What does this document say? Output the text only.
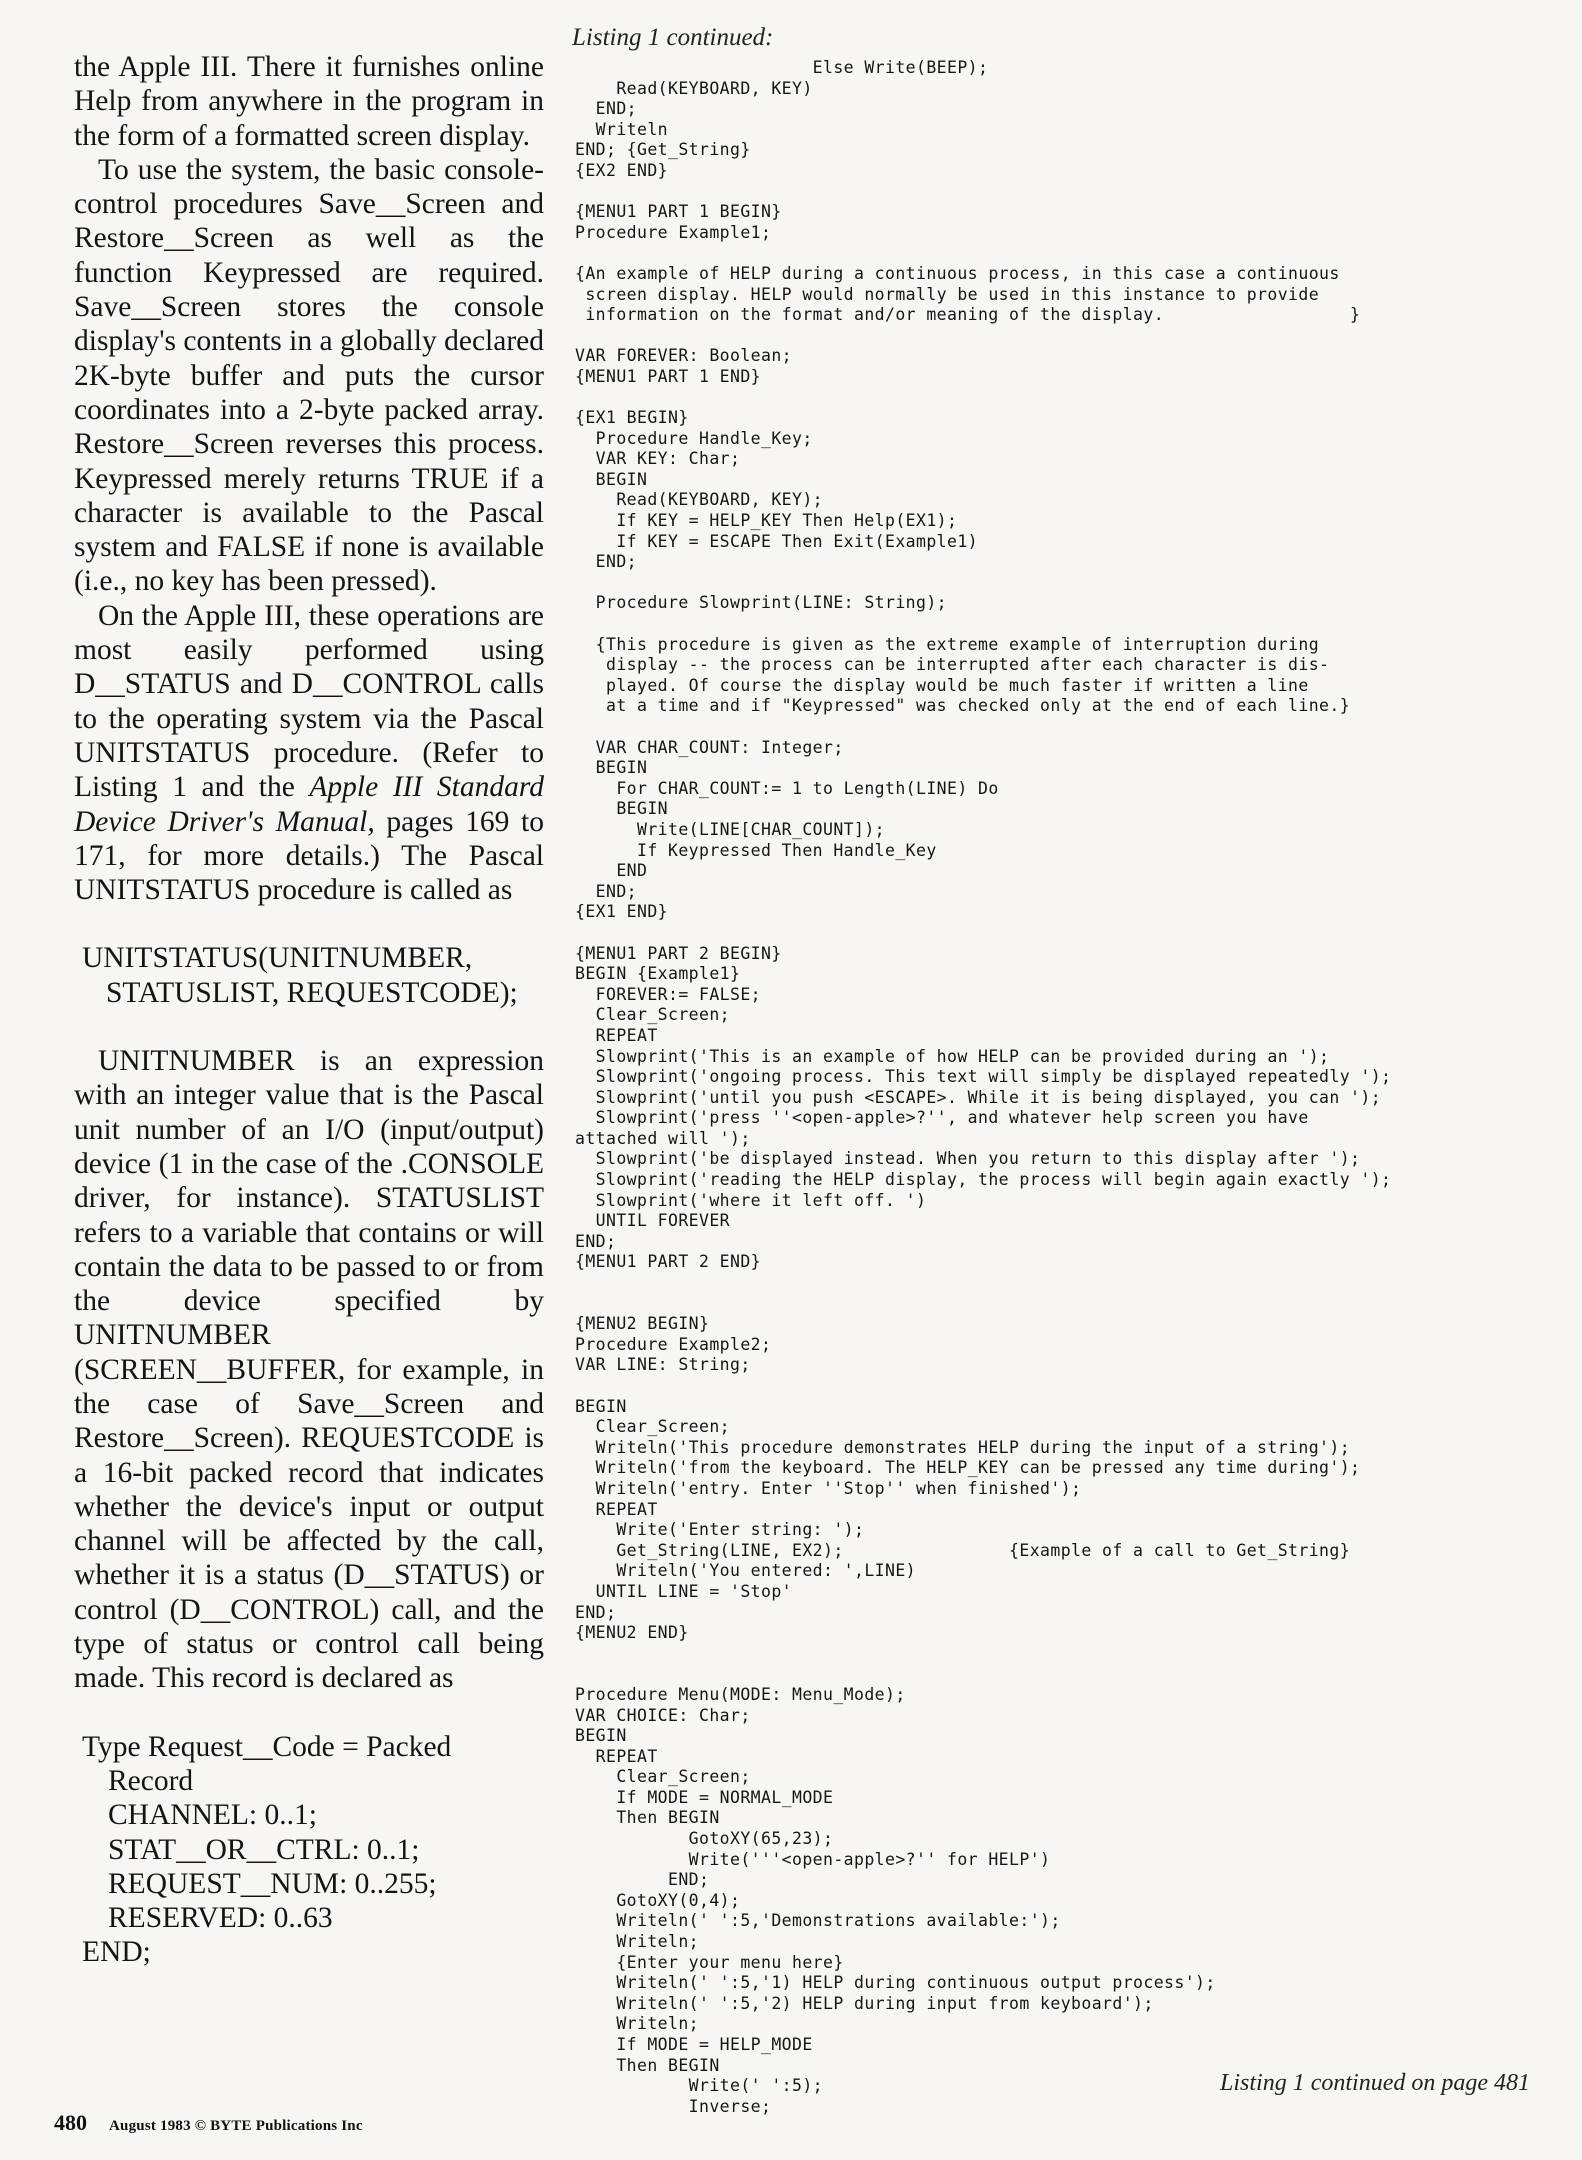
the Apple III. There it furnishes online Help from anywhere in the program in the form of a formatted screen display.

To use the system, the basic console-control procedures Save__Screen and Restore__Screen as well as the function Keypressed are required. Save__Screen stores the console display's contents in a globally declared 2K-byte buffer and puts the cursor coordinates into a 2-byte packed array. Restore__Screen reverses this process. Keypressed merely returns TRUE if a character is available to the Pascal system and FALSE if none is available (i.e., no key has been pressed).

On the Apple III, these operations are most easily performed using D__STATUS and D__CONTROL calls to the operating system via the Pascal UNITSTATUS procedure. (Refer to Listing 1 and the Apple III Standard Device Driver's Manual, pages 169 to 171, for more details.) The Pascal UNITSTATUS procedure is called as

UNITSTATUS(UNITNUMBER,
STATUSLIST, REQUESTCODE);

UNITNUMBER is an expression with an integer value that is the Pascal unit number of an I/O (input/output) device (1 in the case of the .CONSOLE driver, for instance). STATUSLIST refers to a variable that contains or will contain the data to be passed to or from the device specified by UNITNUMBER (SCREEN__BUFFER, for example, in the case of Save__Screen and Restore__Screen). REQUESTCODE is a 16-bit packed record that indicates whether the device's input or output channel will be affected by the call, whether it is a status (D__STATUS) or control (D__CONTROL) call, and the type of status or control call being made. This record is declared as

Type Request__Code = Packed
Record
CHANNEL: 0..1;
STAT__OR__CTRL: 0..1;
REQUEST__NUM: 0..255;
RESERVED: 0..63
END;
Listing 1 continued:
Else Write(BEEP);
Read(KEYBOARD, KEY)
END;
Writeln
END; {Get_String}
{EX2 END}

{MENU1 PART 1 BEGIN}
Procedure Example1;

{An example of HELP during a continuous process, in this case a continuous
screen display. HELP would normally be used in this instance to provide
information on the format and/or meaning of the display.                  }

VAR FOREVER: Boolean;
{MENU1 PART 1 END}

{EX1 BEGIN}
Procedure Handle_Key;
VAR KEY: Char;
BEGIN
Read(KEYBOARD, KEY);
If KEY = HELP_KEY Then Help(EX1);
If KEY = ESCAPE Then Exit(Example1)
END;

Procedure Slowprint(LINE: String);

{This procedure is given as the extreme example of interruption during
display -- the process can be interrupted after each character is dis-
played. Of course the display would be much faster if written a line
at a time and if "Keypressed" was checked only at the end of each line.}

VAR CHAR_COUNT: Integer;
BEGIN
For CHAR_COUNT:= 1 to Length(LINE) Do
BEGIN
Write(LINE[CHAR_COUNT]);
If Keypressed Then Handle_Key
END
END;
{EX1 END}

{MENU1 PART 2 BEGIN}
BEGIN {Example1}
FOREVER:= FALSE;
Clear_Screen;
REPEAT
Slowprint('This is an example of how HELP can be provided during an ');
Slowprint('ongoing process. This text will simply be displayed repeatedly ');
Slowprint('until you push <ESCAPE>. While it is being displayed, you can ');
Slowprint('press ''<open-apple>?'', and whatever help screen you have
attached will ');
Slowprint('be displayed instead. When you return to this display after ');
Slowprint('reading the HELP display, the process will begin again exactly ');
Slowprint('where it left off. ')
UNTIL FOREVER
END;
{MENU1 PART 2 END}

{MENU2 BEGIN}
Procedure Example2;
VAR LINE: String;

BEGIN
Clear_Screen;
Writeln('This procedure demonstrates HELP during the input of a string');
Writeln('from the keyboard. The HELP_KEY can be pressed any time during');
Writeln('entry. Enter ''Stop'' when finished');
REPEAT
Write('Enter string: ');
Get_String(LINE, EX2);                {Example of a call to Get_String}
Writeln('You entered: ',LINE)
UNTIL LINE = 'Stop'
END;
{MENU2 END}

Procedure Menu(MODE: Menu_Mode);
VAR CHOICE: Char;
BEGIN
REPEAT
Clear_Screen;
If MODE = NORMAL_MODE
Then BEGIN
GotoXY(65,23);
Write('''<open-apple>?'' for HELP')
END;
GotoXY(0,4);
Writeln(' ':5,'Demonstrations available:');
Writeln;
{Enter your menu here}
Writeln(' ':5,'1) HELP during continuous output process');
Writeln(' ':5,'2) HELP during input from keyboard');
Writeln;
If MODE = HELP_MODE
Then BEGIN
Write(' ':5);
Inverse;
Listing 1 continued on page 481
480 August 1983 © BYTE Publications Inc
